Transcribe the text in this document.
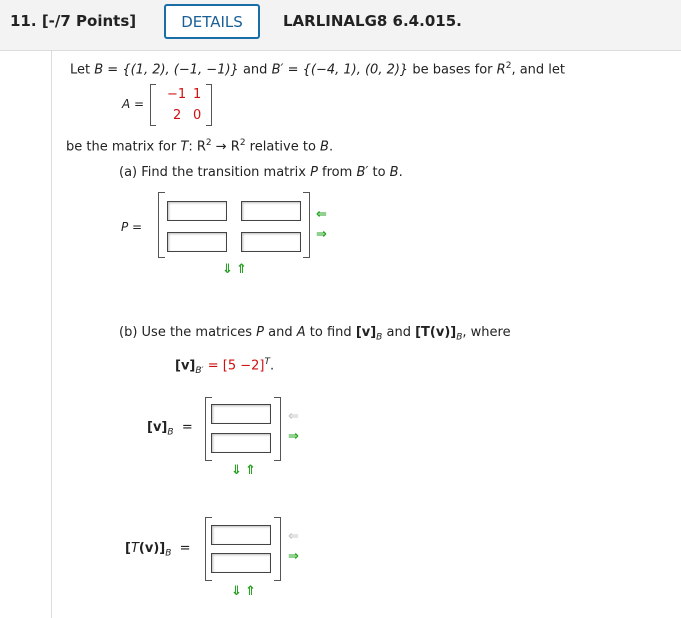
11. [-/7 Points]	DETAILS	LARLINALG8 6.4.015.
Let B = {(1, 2), (−1, −1)} and B′ = {(−4, 1), (0, 2)} be bases for $R^2$, and let
A =
−1 1
2 0
be the matrix for T: $R^2 \to R^2$ relative to B.
(a) Find the transition matrix P from B′ to B.
P =
⇐
⇒
⇓ ⇑
(b) Use the matrices P and A to find $[v]_B$ and $[T(v)]_B$, where
$[v]_{B'} = [5 -2]^T$.
$[v]_B$ =
⇐
⇒
⇓ ⇑
$[T(v)]_B$ =
⇐
⇒
⇓ ⇑
